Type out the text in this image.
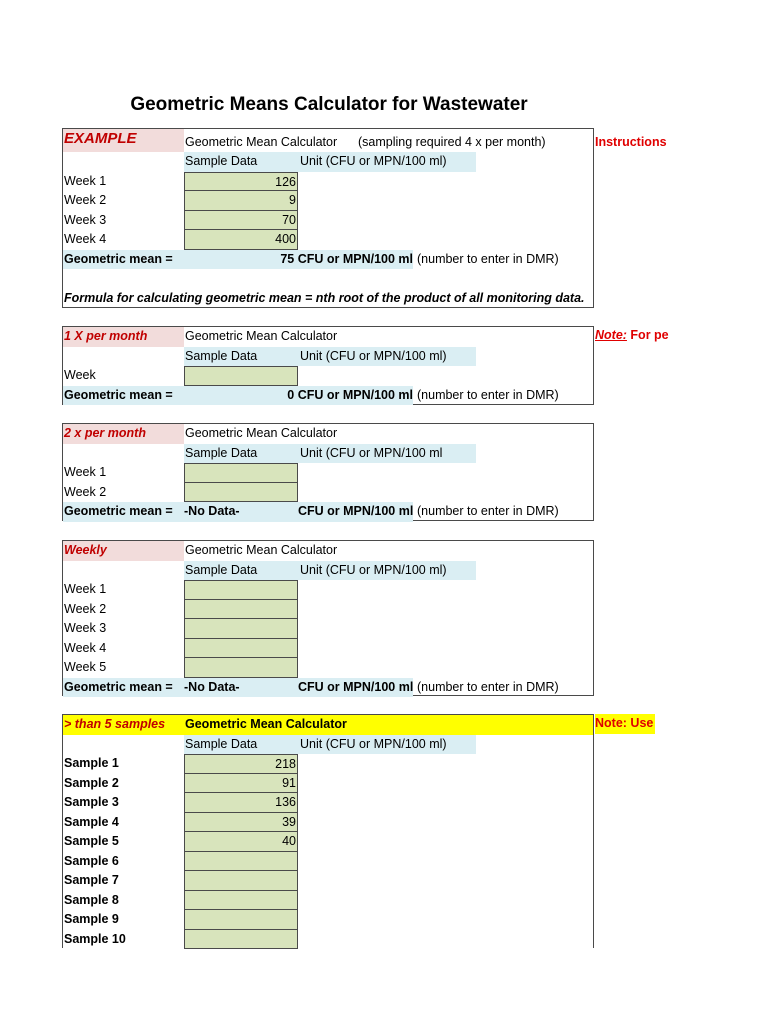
Geometric Means Calculator for Wastewater
EXAMPLE	Geometric Mean Calculator (sampling required 4 x per month)
Sample Data	Unit (CFU or MPN/100 ml)
Week 1	126
Week 2	9
Week 3	70
Week 4	400
Geometric mean =	75 CFU or MPN/100 ml (number to enter in DMR)
Formula for calculating geometric mean = nth root of the product of all monitoring data.
Instructions
1 X per month	Geometric Mean Calculator
Sample Data	Unit (CFU or MPN/100 ml)
Week
Geometric mean =	0 CFU or MPN/100 ml (number to enter in DMR)
Note: For pe
2 x per month	Geometric Mean Calculator
Sample Data	Unit (CFU or MPN/100 ml
Week 1
Week 2
Geometric mean = -No Data-	CFU or MPN/100 ml (number to enter in DMR)
Weekly	Geometric Mean Calculator
Sample Data	Unit (CFU or MPN/100 ml)
Week 1
Week 2
Week 3
Week 4
Week 5
Geometric mean = -No Data-	CFU or MPN/100 ml (number to enter in DMR)
> than 5 samples Geometric Mean Calculator
Sample Data	Unit (CFU or MPN/100 ml)
Sample 1	218
Sample 2	91
Sample 3	136
Sample 4	39
Sample 5	40
Sample 6
Sample 7
Sample 8
Sample 9
Sample 10
Note: Use
